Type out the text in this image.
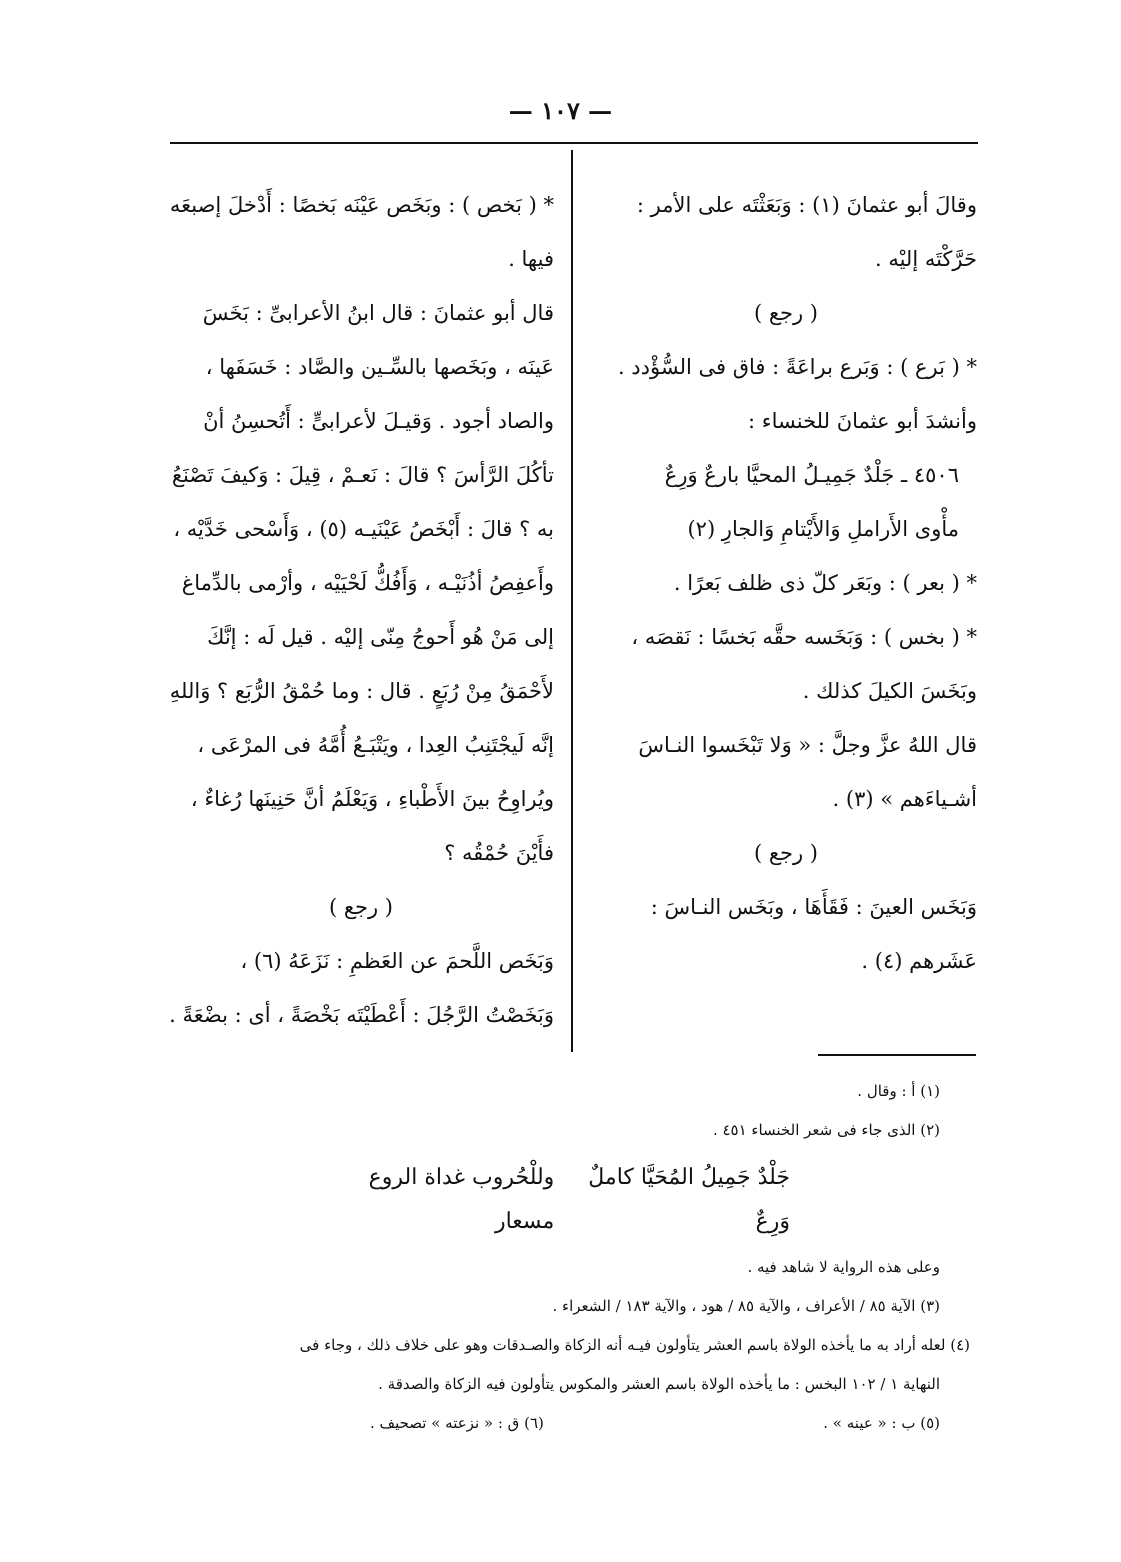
— ١٠٧ —

وقالَ أبو عثمانَ (١) : وَبَعَثْتَه على الأمر : حَرَّكْتَه إليْه .

( رجع )

* ( بَرع ) : وَبَرع براعَةً : فاق فى السُّؤْدد .

وأنشدَ أبو عثمانَ للخنساء :

٤٥٠٦ ـ جَلْدٌ جَمِيـلُ المحيَّا بارعٌ وَرِعٌ

مأْوى الأَراملِ وَالأَيْتامِ وَالجارِ (٢)

* ( بعر ) : وبَعَر كلّ ذى ظلف بَعرًا .

* ( بخس ) : وَبَخَسه حقَّه بَخسًا : نَقصَه ، وبَخَسَ الكيلَ كذلك .

قال اللهُ عزَّ وجلَّ : « وَلا تَبْخَسوا النـاسَ أشـياءَهم » (٣) .

( رجع )

وَبَخَس العينَ : فَقَأَهَا ، وبَخَس النـاسَ : عَشَرهم (٤) .

* ( بَخص ) : وبَخَص عَيْنَه بَخصًا : أَدْخلَ إصبعَه فيها .

قال أبو عثمانَ : قال ابنُ الأعرابىِّ : بَخَسَ عَينَه ، وبَخَصها بالسِّـين والصَّاد : خَسَفَها ، والصاد أجود . وَقيـلَ لأعرابىٍّ : أَتُحسِنُ أنْ تأكُلَ الرَّأسَ ؟ قالَ : نَعـمْ ، قِيلَ : وَكيفَ تَصْنَعُ به ؟ قالَ : أَبْخَصُ عَيْنَيـه (٥) ، وَأَسْحى خَدَّيْه ، وأَعفِصُ أذُنَيْـه ، وَأَفُكُّ لَحْيَيْه ، وأرْمى بالدِّماغ إلى مَنْ هُو أَحوجُ مِنّى إليْه . قيل لَه : إنَّكَ لأَحْمَقُ مِنْ رُبَعٍ . قال : وما حُمْقُ الرُّبَع ؟ وَاللهِ إنَّه لَيجْتَنِبُ العِدا ، ويَتْبَـعُ أُمَّهُ فى المرْعَى ، ويُراوِحُ بينَ الأَطْباءِ ، وَيَعْلَمُ أنَّ حَنِينَها رُغاءٌ ، فأَيْنَ حُمْقُه ؟

( رجع )

وَبَخَص اللَّحمَ عن العَظمِ : نَزَعَهُ (٦) ، وَبَخَصْتُ الرَّجُلَ : أَعْطَيْتَه بَخْصَةً ، أى : بضْعَةً .

(١) أ : وقال .

(٢) الذى جاء فى شعر الخنساء ٤٥١ .

جَلْدٌ جَمِيلُ المُحَيَّا كاملٌ وَرِعٌ
وللْحُروب غداة الروع مسعار

وعلى هذه الرواية لا شاهد فيه .

(٣) الآية ٨٥ / الأعراف ، والآية ٨٥ / هود ، والآية ١٨٣ / الشعراء .

(٤) لعله أراد به ما يأخذه الولاة باسم العشر يتأولون فيـه أنه الزكاة والصـدقات وهو على خلاف ذلك ، وجاء فى

النهاية ١ / ١٠٢ البخس : ما يأخذه الولاة باسم العشر والمكوس يتأولون فيه الزكاة والصدقة .

(٥) ب : « عينه » .
(٦) ق : « نزعته » تصحيف .
